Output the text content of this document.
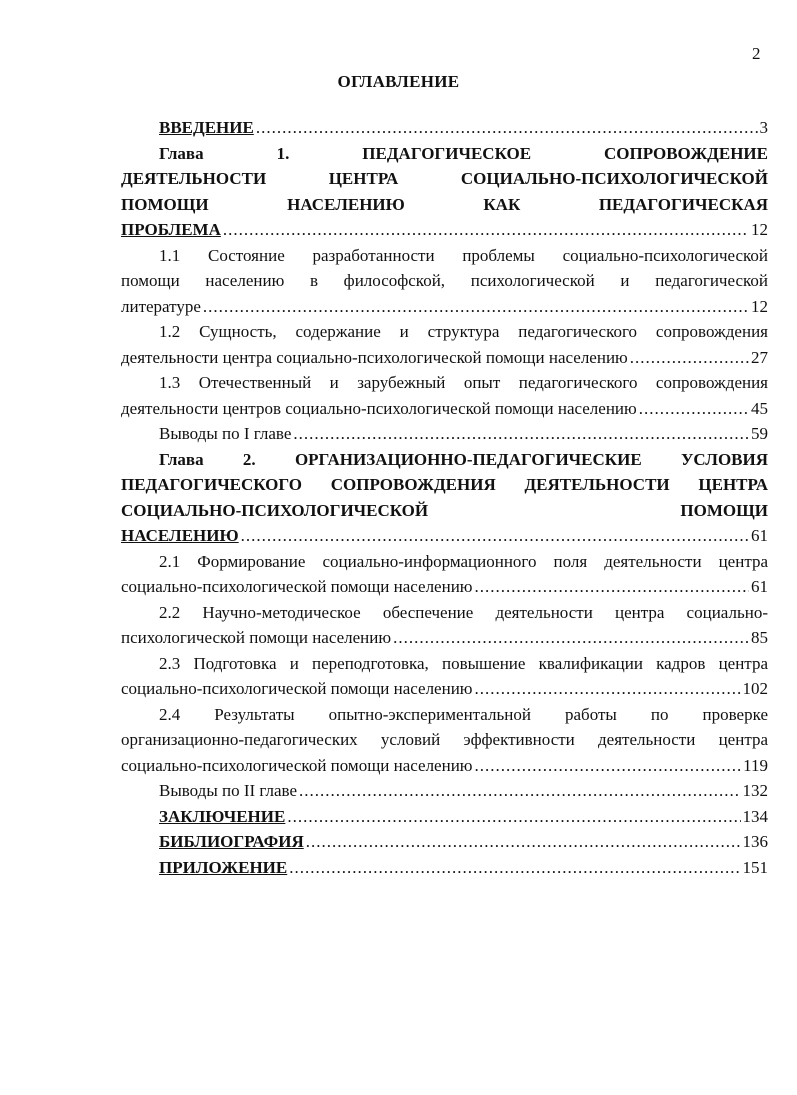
2
ОГЛАВЛЕНИЕ
ВВЕДЕНИЕ .....	3
Глава 1. ПЕДАГОГИЧЕСКОЕ СОПРОВОЖДЕНИЕ
ДЕЯТЕЛЬНОСТИ ЦЕНТРА СОЦИАЛЬНО-ПСИХОЛОГИЧЕСКОЙ
ПОМОЩИ НАСЕЛЕНИЮ КАК ПЕДАГОГИЧЕСКАЯ
ПРОБЛЕМА .....	12
1.1 Состояние разработанности проблемы социально-психологической
помощи населению в философской, психологической и педагогической
литературе .....	12
1.2 Сущность, содержание и структура педагогического сопровождения
деятельности центра социально-психологической помощи населению .....	27
1.3 Отечественный и зарубежный опыт педагогического сопровождения
деятельности центров социально-психологической помощи населению .....	45
Выводы по I главе .....	59
Глава 2. ОРГАНИЗАЦИОННО-ПЕДАГОГИЧЕСКИЕ УСЛОВИЯ
ПЕДАГОГИЧЕСКОГО СОПРОВОЖДЕНИЯ ДЕЯТЕЛЬНОСТИ ЦЕНТРА
СОЦИАЛЬНО-ПСИХОЛОГИЧЕСКОЙ ПОМОЩИ
НАСЕЛЕНИЮ .....	61
2.1 Формирование социально-информационного поля деятельности центра
социально-психологической помощи населению .....	61
2.2 Научно-методическое обеспечение деятельности центра социально-
психологической помощи населению .....	85
2.3 Подготовка и переподготовка, повышение квалификации кадров центра
социально-психологической помощи населению .....	102
2.4 Результаты опытно-экспериментальной работы по проверке
организационно-педагогических условий эффективности деятельности центра
социально-психологической помощи населению .....	119
Выводы по II главе .....	132
ЗАКЛЮЧЕНИЕ .....	134
БИБЛИОГРАФИЯ .....	136
ПРИЛОЖЕНИЕ .....	151
